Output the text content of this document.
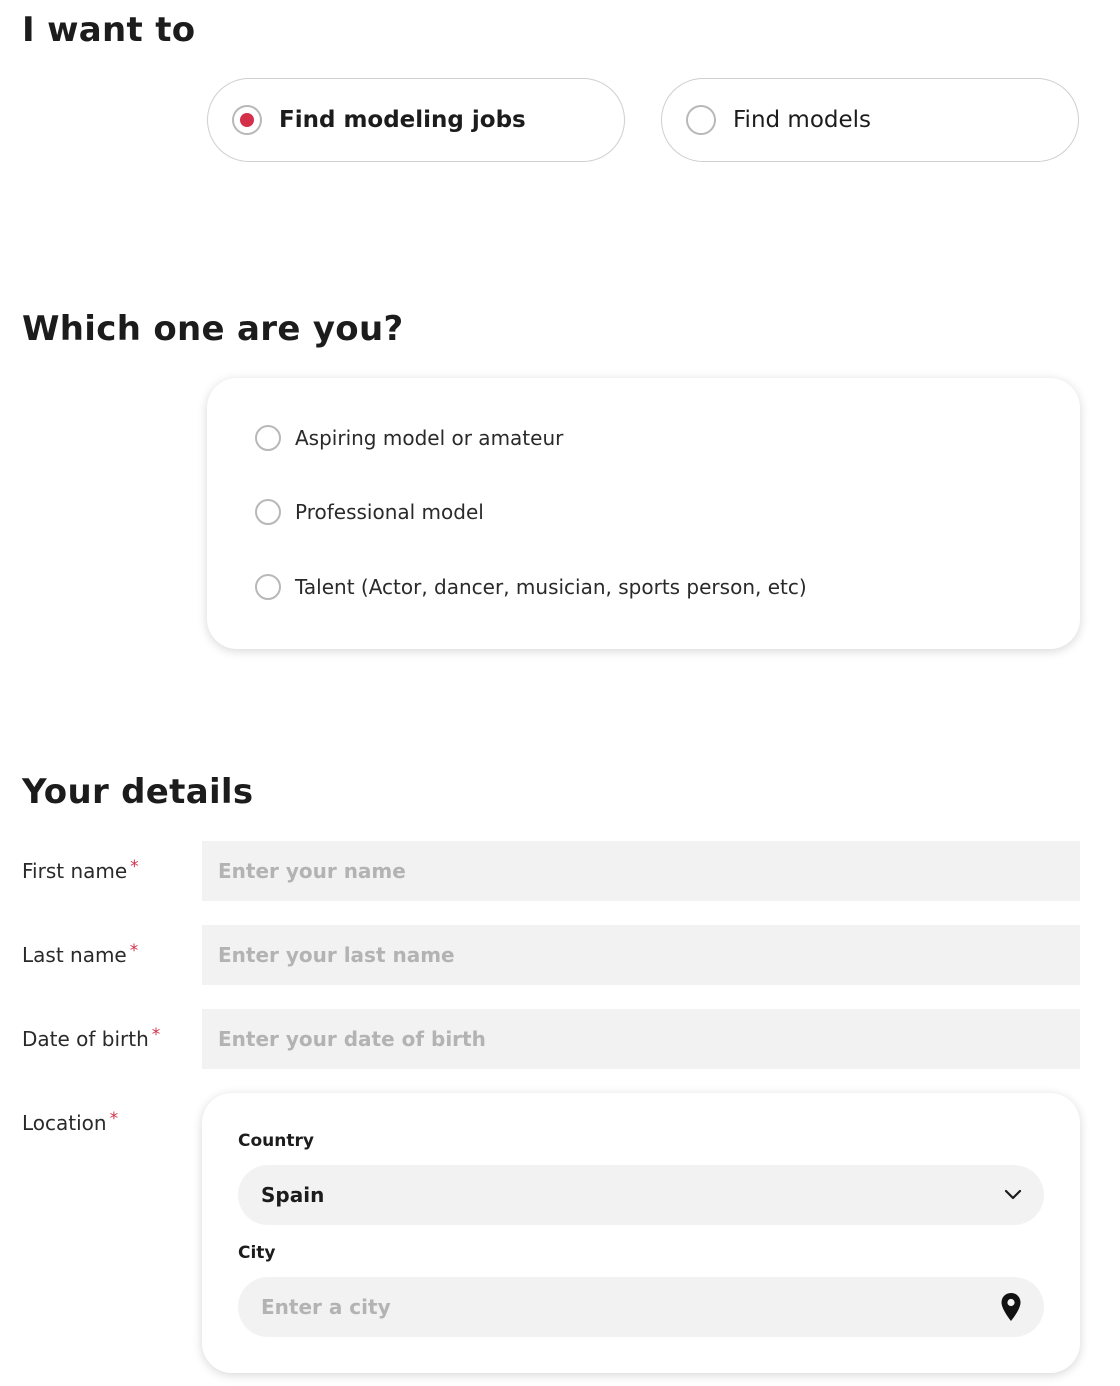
I want to
Find modeling jobs	Find models
Which one are you?
Aspiring model or amateur
Professional model
Talent (Actor, dancer, musician, sports person, etc)
Your details
First name *
Enter your name
Last name *
Enter your last name
Date of birth *
Enter your date of birth
Location *
Country
Spain
City
Enter a city
